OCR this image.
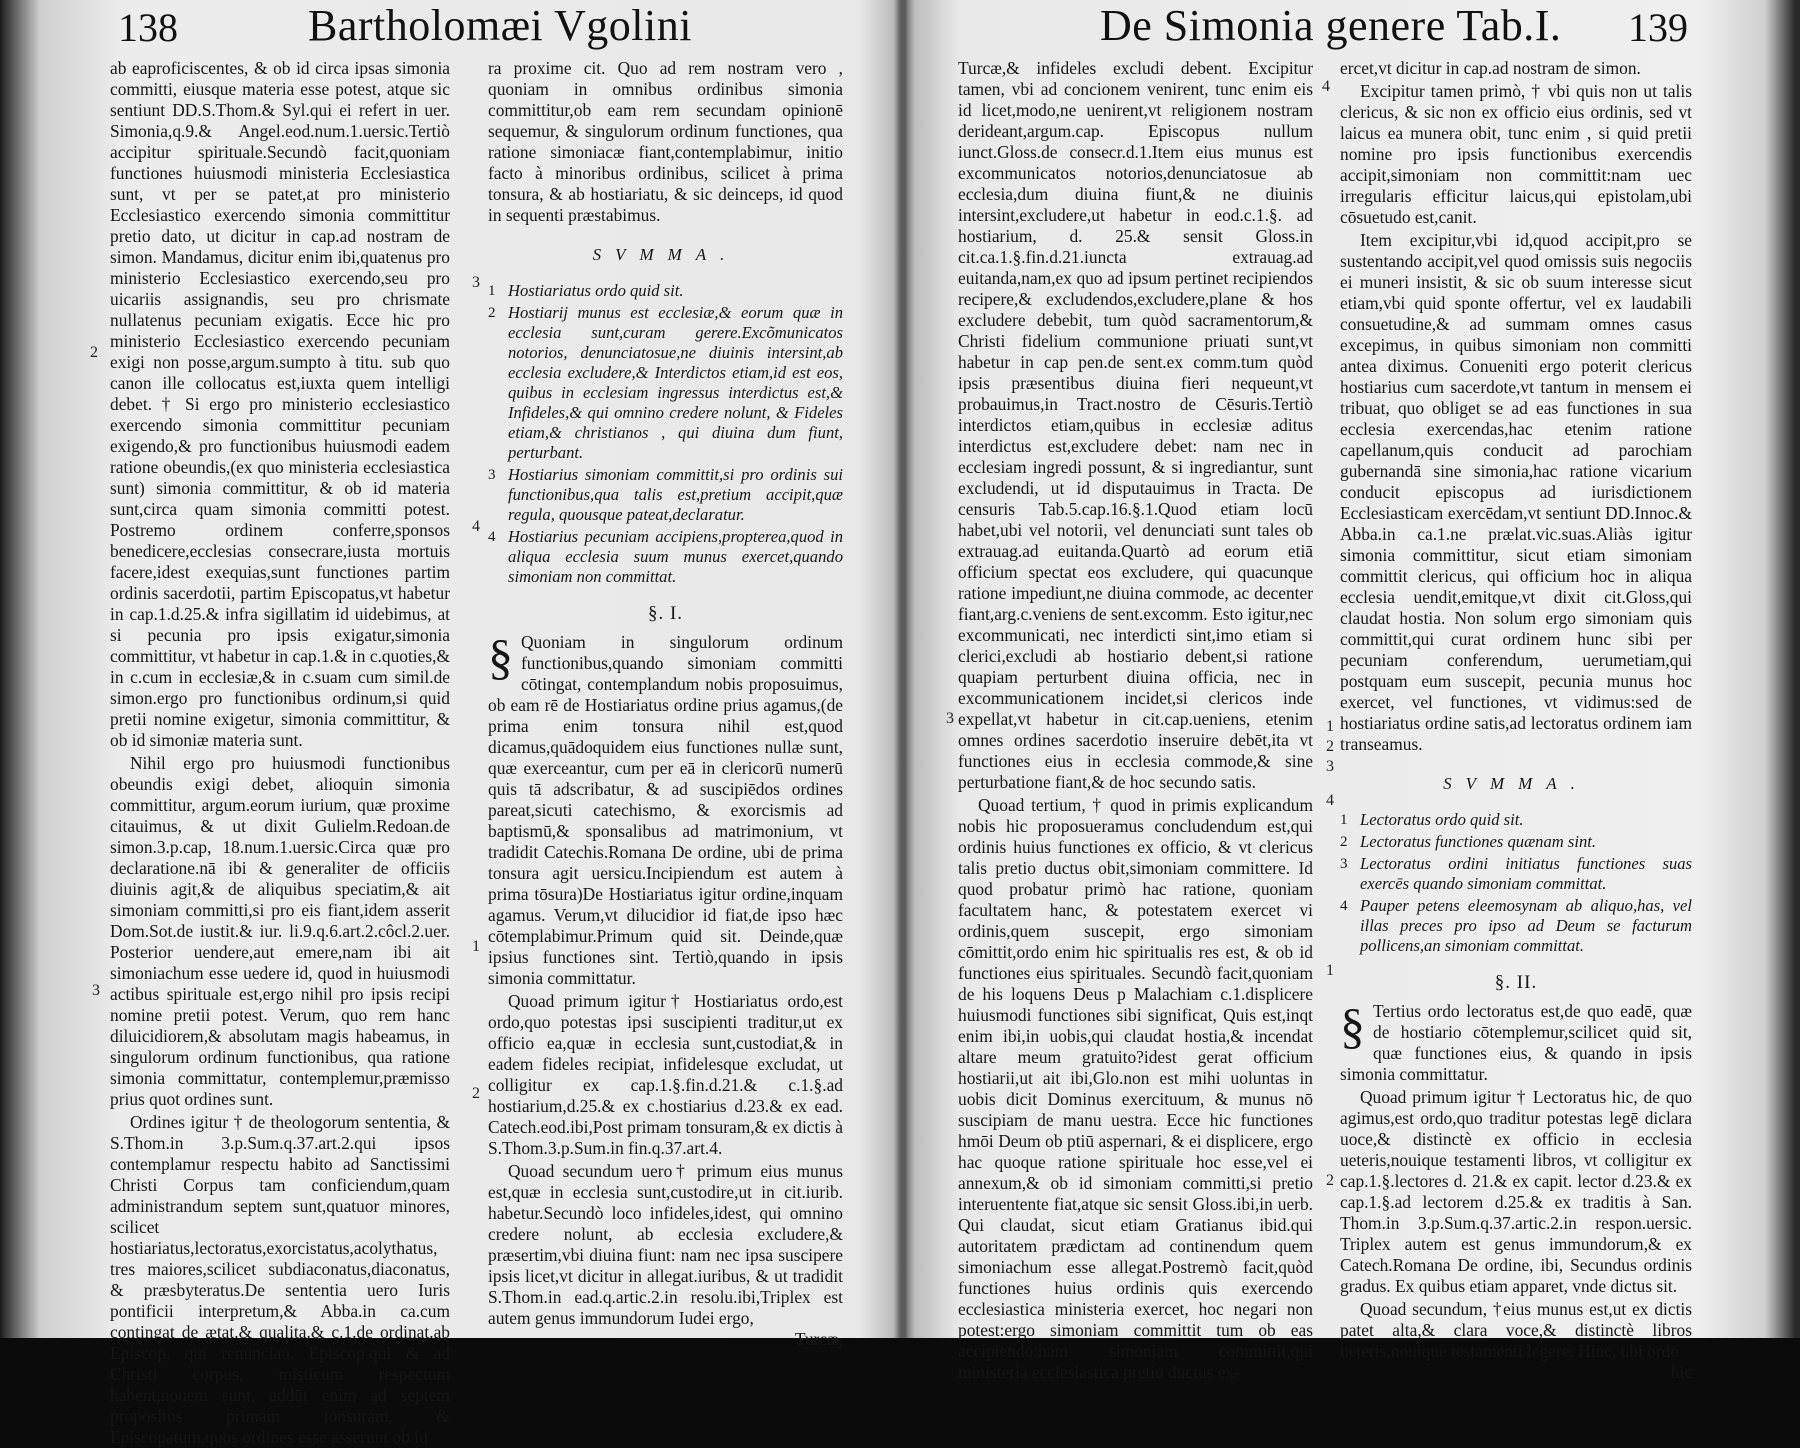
138	Bartholomæi Vgolini	De Simonia genere Tab.I. 139

ab eaproficiscentes, & ob id circa ipsas simonia committi, eiusque materia esse potest, atque sic sentiunt DD.S.Thom.& Syl.qui ei refert in uer. Simonia,q.9.& Angel.eod.num.1.uersic.Tertiò accipitur spirituale.Secundò facit,quoniam functiones huiusmodi ministeria Ecclesiastica sunt, vt per se patet,at pro ministerio Ecclesiastico exercendo simonia committitur pretio dato, ut dicitur in cap.ad nostram de simon. Mandamus, dicitur enim ibi,quatenus pro ministerio Ecclesiastico exercendo,seu pro uicariis assignandis, seu pro chrismate nullatenus pecuniam exigatis. Ecce hic pro ministerio Ecclesiastico exercendo pecuniam exigi non posse,argum.sumpto à titu. sub quo canon ille collocatus est,iuxta quem intelligi debet. † Si ergo pro ministerio ecclesiastico exercendo simonia committitur pecuniam exigendo,& pro functionibus huiusmodi eadem ratione obeundis,(ex quo ministeria ecclesiastica sunt) simonia committitur, & ob id materia sunt,circa quam simonia committi potest. Postremo ordinem conferre,sponsos benedicere,ecclesias consecrare,iusta mortuis facere,idest exequias,sunt functiones partim ordinis sacerdotii, partim Episcopatus,vt habetur in cap.1.d.25.& infra sigillatim id uidebimus, at si pecunia pro ipsis exigatur,simonia committitur, vt habetur in cap.1.& in c.quoties,& in c.cum in ecclesiæ,& in c.suam cum simil.de simon.ergo pro functionibus ordinum,si quid pretii nomine exigetur, simonia committitur, & ob id simoniæ materia sunt.

Nihil ergo pro huiusmodi functionibus obeundis exigi debet, alioquin simonia committitur, argum.eorum iurium, quæ proxime citauimus, & ut dixit Gulielm.Redoan.de simon.3.p.cap, 18.num.1.uersic.Circa quæ pro declaratione.nā ibi & generaliter de officiis diuinis agit,& de aliquibus speciatim,& ait simoniam committi,si pro eis fiant,idem asserit Dom.Sot.de iustit.& iur. li.9.q.6.art.2.côcl.2.uer. Posterior uendere,aut emere,nam ibi ait simoniachum esse uedere id, quod in huiusmodi actibus spirituale est,ergo nihil pro ipsis recipi nomine pretii potest. Verum, quo rem hanc diluicidiorem,& absolutam magis habeamus, in singulorum ordinum functionibus, qua ratione simonia committatur, contemplemur,præmisso prius quot ordines sunt.

Ordines igitur † de theologorum sententia, & S.Thom.in 3.p.Sum.q.37.art.2.qui ipsos contemplamur respectu habito ad Sanctissimi Christi Corpus tam conficiendum,quam administrandum septem sunt,quatuor minores, scilicet hostiariatus,lectoratus,exorcistatus,acolythatus, tres maiores,scilicet subdiaconatus,diaconatus, & præsbyteratus.De sententia uero Iuris pontificii interpretum,& Abba.in ca.cum contingat de ætat.& qualita.& c.1.de ordinat.ab Episcop. qui renunciau. Episcop.qui & ad Christi corpus, misticum respectum habent,nouem sunt, addūt enim ad septem propositos primam tonsuram, & Episcopatum,quos ordines esse asserunt ob iu

2
3

ra proxime cit. Quo ad rem nostram vero , quoniam in omnibus ordinibus simonia committitur,ob eam rem secundam opinionē sequemur, & singulorum ordinum functiones, qua ratione simoniacæ fiant,contemplabimur, initio facto à minoribus ordinibus, scilicet à prima tonsura, & ab hostiariatu, & sic deinceps, id quod in sequenti præstabimus.

SVMMA.
1 Hostiariatus ordo quid sit.
2 Hostiarij munus est ecclesiæ,& eorum quæ in ecclesia sunt,curam gerere.Excõmunicatos notorios, denunciatosue,ne diuinis intersint,ab ecclesia excludere,& Interdictos etiam,id est eos, quibus in ecclesiam ingressus interdictus est,& Infideles,& qui omnino credere nolunt, & Fideles etiam,& christianos , qui diuina dum fiunt, perturbant.
3 Hostiarius simoniam committit,si pro ordinis sui functionibus,qua talis est,pretium accipit,quæ regula, quousque pateat,declaratur.
4 Hostiarius pecuniam accipiens,propterea,quod in aliqua ecclesia suum munus exercet,quando simoniam non committat.
§. I.

§ Quoniam in singulorum ordinum functionibus,quando simoniam committi cōtingat, contemplandum nobis proposuimus, ob eam rē de Hostiariatus ordine prius agamus,(de prima enim tonsura nihil est,quod dicamus,quādoquidem eius functiones nullæ sunt, quæ exerceantur, cum per eā in clericorū numerū quis tā adscribatur, & ad suscipiēdos ordines pareat,sicuti catechismo, & exorcismis ad baptismū,& sponsalibus ad matrimonium, vt tradidit Catechis.Romana De ordine, ubi de prima tonsura agit uersicu.Incipiendum est autem à prima tōsura)De Hostiariatus igitur ordine,inquam agamus. Verum,vt dilucidior id fiat,de ipso hæc cōtemplabimur.Primum quid sit. Deinde,quæ ipsius functiones sint. Tertiò,quando in ipsis simonia committatur.

Quoad primum igitur† Hostiariatus ordo,est ordo,quo potestas ipsi suscipienti traditur,ut ex officio ea,quæ in ecclesia sunt,custodiat,& in eadem fideles recipiat, infidelesque excludat, ut colligitur ex cap.1.§.fin.d.21.& c.1.§.ad hostiarium,d.25.& ex c.hostiarius d.23.& ex ead. Catech.eod.ibi,Post primam tonsuram,& ex dictis à S.Thom.3.p.Sum.in fin.q.37.art.4.

Quoad secundum uero† primum eius munus est,quæ in ecclesia sunt,custodire,ut in cit.iurib. habetur.Secundò loco infideles,idest, qui omnino credere nolunt, ab ecclesia excludere,& præsertim,vbi diuina fiunt: nam nec ipsa suscipere ipsis licet,vt dicitur in allegat.iuribus, & ut tradidit S.Thom.in ead.q.artic.2.in resolu.ibi,Triplex est autem genus immundorum Iudei ergo,

Turcæ,

1
2
3
4

Turcæ,& infideles excludi debent. Excipitur tamen, vbi ad concionem venirent, tunc enim eis id licet,modo,ne uenirent,vt religionem nostram derideant,argum.cap. Episcopus nullum iunct.Gloss.de consecr.d.1.Item eius munus est excommunicatos notorios,denunciatosue ab ecclesia,dum diuina fiunt,& ne diuinis intersint,excludere,ut habetur in eod.c.1.§. ad hostiarium, d. 25.& sensit Gloss.in cit.ca.1.§.fin.d.21.iuncta extrauag.ad euitanda,nam,ex quo ad ipsum pertinet recipiendos recipere,& excludendos,excludere,plane & hos excludere debebit, tum quòd sacramentorum,& Christi fidelium communione priuati sunt,vt habetur in cap pen.de sent.ex comm.tum quòd ipsis præsentibus diuina fieri nequeunt,vt probauimus,in Tract.nostro de Cēsuris.Tertiò interdictos etiam,quibus in ecclesiæ aditus interdictus est,excludere debet: nam nec in ecclesiam ingredi possunt, & si ingrediantur, sunt excludendi, ut id disputauimus in Tracta. De censuris Tab.5.cap.16.§.1.Quod etiam locū habet,ubi vel notorii, vel denunciati sunt tales ob extrauag.ad euitanda.Quartò ad eorum etiā officium spectat eos excludere, qui quacunque ratione impediunt,ne diuina commode, ac decenter fiant,arg.c.veniens de sent.excomm. Esto igitur,nec excommunicati, nec interdicti sint,imo etiam si clerici,excludi ab hostiario debent,si ratione quapiam perturbent diuina officia, nec in excommunicationem incidet,si clericos inde expellat,vt habetur in cit.cap.ueniens, etenim omnes ordines sacerdotio inseruire debēt,ita vt functiones eius in ecclesia commode,& sine perturbatione fiant,& de hoc secundo satis.

Quoad tertium, † quod in primis explicandum nobis hic proposueramus concludendum est,qui ordinis huius functiones ex officio, & vt clericus talis pretio ductus obit,simoniam committere. Id quod probatur primò hac ratione, quoniam facultatem hanc, & potestatem exercet vi ordinis,quem suscepit, ergo simoniam cōmittit,ordo enim hic spiritualis res est, & ob id functiones eius spirituales. Secundò facit,quoniam de his loquens Deus p Malachiam c.1.displicere huiusmodi functiones sibi significat, Quis est,inqt enim ibi,in uobis,qui claudat hostia,& incendat altare meum gratuito?idest gerat officium hostiarii,ut ait ibi,Glo.non est mihi uoluntas in uobis dicit Dominus exercituum, & munus nō suscipiam de manu uestra. Ecce hic functiones hmōi Deum ob ptiū aspernari, & ei displicere, ergo hac quoque ratione spirituale hoc esse,vel ei annexum,& ob id simoniam committi,si pretio interuentente fiat,atque sic sensit Gloss.ibi,in uerb. Qui claudat, sicut etiam Gratianus ibid.qui autoritatem prædictam ad continendum quem simoniachum esse allegat.Postremò facit,quòd functiones huius ordinis quis exercendo ecclesiastica ministeria exercet, hoc negari non potest:ergo simoniam committit tum ob eas accipiendo:nam simoniam committit,qui ministeria ecclesiastica pretio ductus ex-

3

ercet,vt dicitur in cap.ad nostram de simon.

Excipitur tamen primò, † vbi quis non ut talis clericus, & sic non ex officio eius ordinis, sed vt laicus ea munera obit, tunc enim , si quid pretii nomine pro ipsis functionibus exercendis accipit,simoniam non committit:nam uec irregularis efficitur laicus,qui epistolam,ubi cōsuetudo est,canit.

Item excipitur,vbi id,quod accipit,pro se sustentando accipit,vel quod omissis suis negociis ei muneri insistit, & sic ob suum interesse sicut etiam,vbi quid sponte offertur, vel ex laudabili consuetudine,& ad summam omnes casus excepimus, in quibus simoniam non committi antea diximus. Conueniti ergo poterit clericus hostiarius cum sacerdote,vt tantum in mensem ei tribuat, quo obliget se ad eas functiones in sua ecclesia exercendas,hac etenim ratione capellanum,quis conducit ad parochiam gubernandā sine simonia,hac ratione vicarium conducit episcopus ad iurisdictionem Ecclesiasticam exercēdam,vt sentiunt DD.Innoc.& Abba.in ca.1.ne prælat.vic.suas.Aliàs igitur simonia committitur, sicut etiam simoniam committit clericus, qui officium hoc in aliqua ecclesia uendit,emitque,vt dixit cit.Gloss,qui claudat hostia. Non solum ergo simoniam quis committit,qui curat ordinem hunc sibi per pecuniam conferendum, uerumetiam,qui postquam eum suscepit, pecunia munus hoc exercet, vel functiones, vt vidimus:sed de hostiariatus ordine satis,ad lectoratus ordinem iam transeamus.

SVMMA.
1 Lectoratus ordo quid sit.
2 Lectoratus functiones quænam sint.
3 Lectoratus ordini initiatus functiones suas exercēs quando simoniam committat.
4 Pauper petens eleemosynam ab aliquo,has, vel illas preces pro ipso ad Deum se facturum pollicens,an simoniam committat.
§. II.

§ Tertius ordo lectoratus est,de quo eadē, quæ de hostiario cōtemplemur,scilicet quid sit, quæ functiones eius, & quando in ipsis simonia committatur.

Quoad primum igitur † Lectoratus hic, de quo agimus,est ordo,quo traditur potestas legē diclara uoce,& distinctè ex officio in ecclesia ueteris,nouique testamenti libros, vt colligitur ex cap.1.§.lectores d. 21.& ex capit. lector d.23.& ex cap.1.§.ad lectorem d.25.& ex traditis à San. Thom.in 3.p.Sum.q.37.artic.2.in respon.uersic. Triplex autem est genus immundorum,& ex Catech.Romana De ordine, ibi, Secundus ordinis gradus. Ex quibus etiam apparet, vnde dictus sit.

Quoad secundum, †eius munus est,ut ex dictis patet alta,& clara voce,& distinctè libros ueteris,nouique testamenti legere. Hinc, ubi ordo

hic

4
1
2
3
4
1
2
